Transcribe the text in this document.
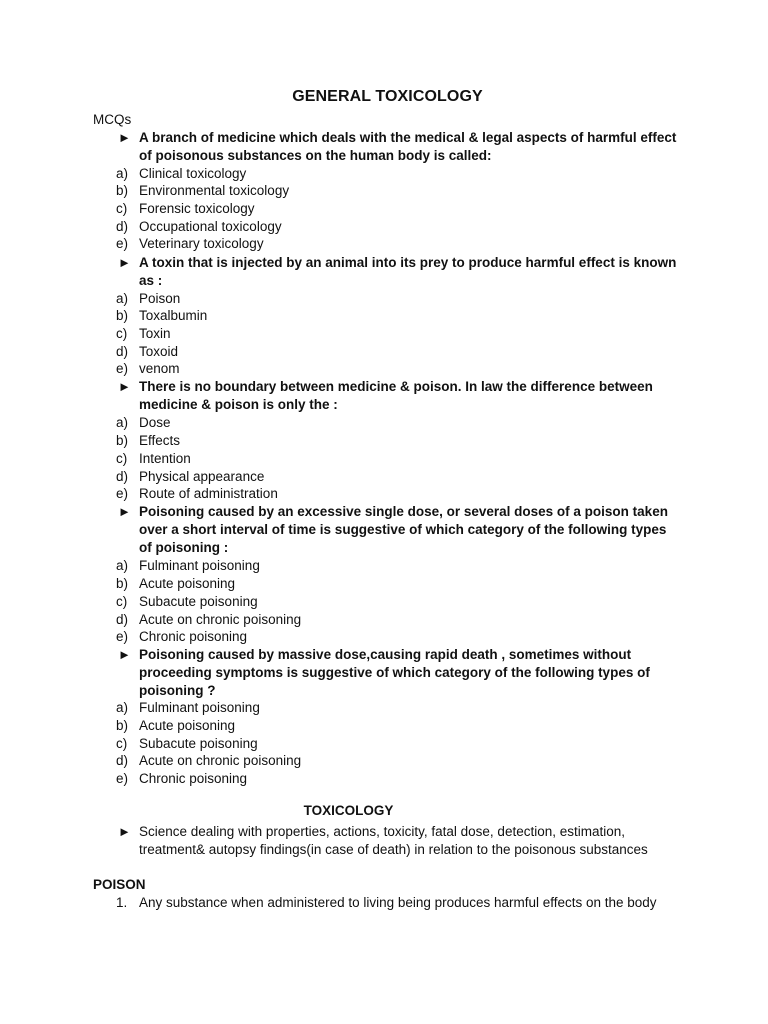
GENERAL TOXICOLOGY
MCQs
► A branch of medicine which deals with the medical & legal aspects of harmful effect of poisonous substances on the human body is called:
a) Clinical toxicology
b) Environmental toxicology
c) Forensic toxicology
d) Occupational toxicology
e) Veterinary toxicology
► A toxin that is injected by an animal into its prey to produce harmful effect is known as :
a) Poison
b) Toxalbumin
c) Toxin
d) Toxoid
e) venom
► There is no boundary between medicine & poison. In law the difference between medicine & poison is only the :
a) Dose
b) Effects
c) Intention
d) Physical appearance
e) Route of administration
► Poisoning caused by an excessive single dose, or several doses of a poison taken over a short interval of time is suggestive of which category of the following types of poisoning :
a) Fulminant poisoning
b) Acute poisoning
c) Subacute poisoning
d) Acute on chronic poisoning
e) Chronic poisoning
► Poisoning caused by massive dose,causing rapid death , sometimes without proceeding symptoms is suggestive of which category of the following types of poisoning ?
a) Fulminant poisoning
b) Acute poisoning
c) Subacute poisoning
d) Acute on chronic poisoning
e) Chronic poisoning
TOXICOLOGY
► Science dealing with properties, actions, toxicity, fatal dose, detection, estimation, treatment& autopsy findings(in case of death) in relation to the poisonous substances
POISON
1. Any substance when administered to living being produces harmful effects on the body
